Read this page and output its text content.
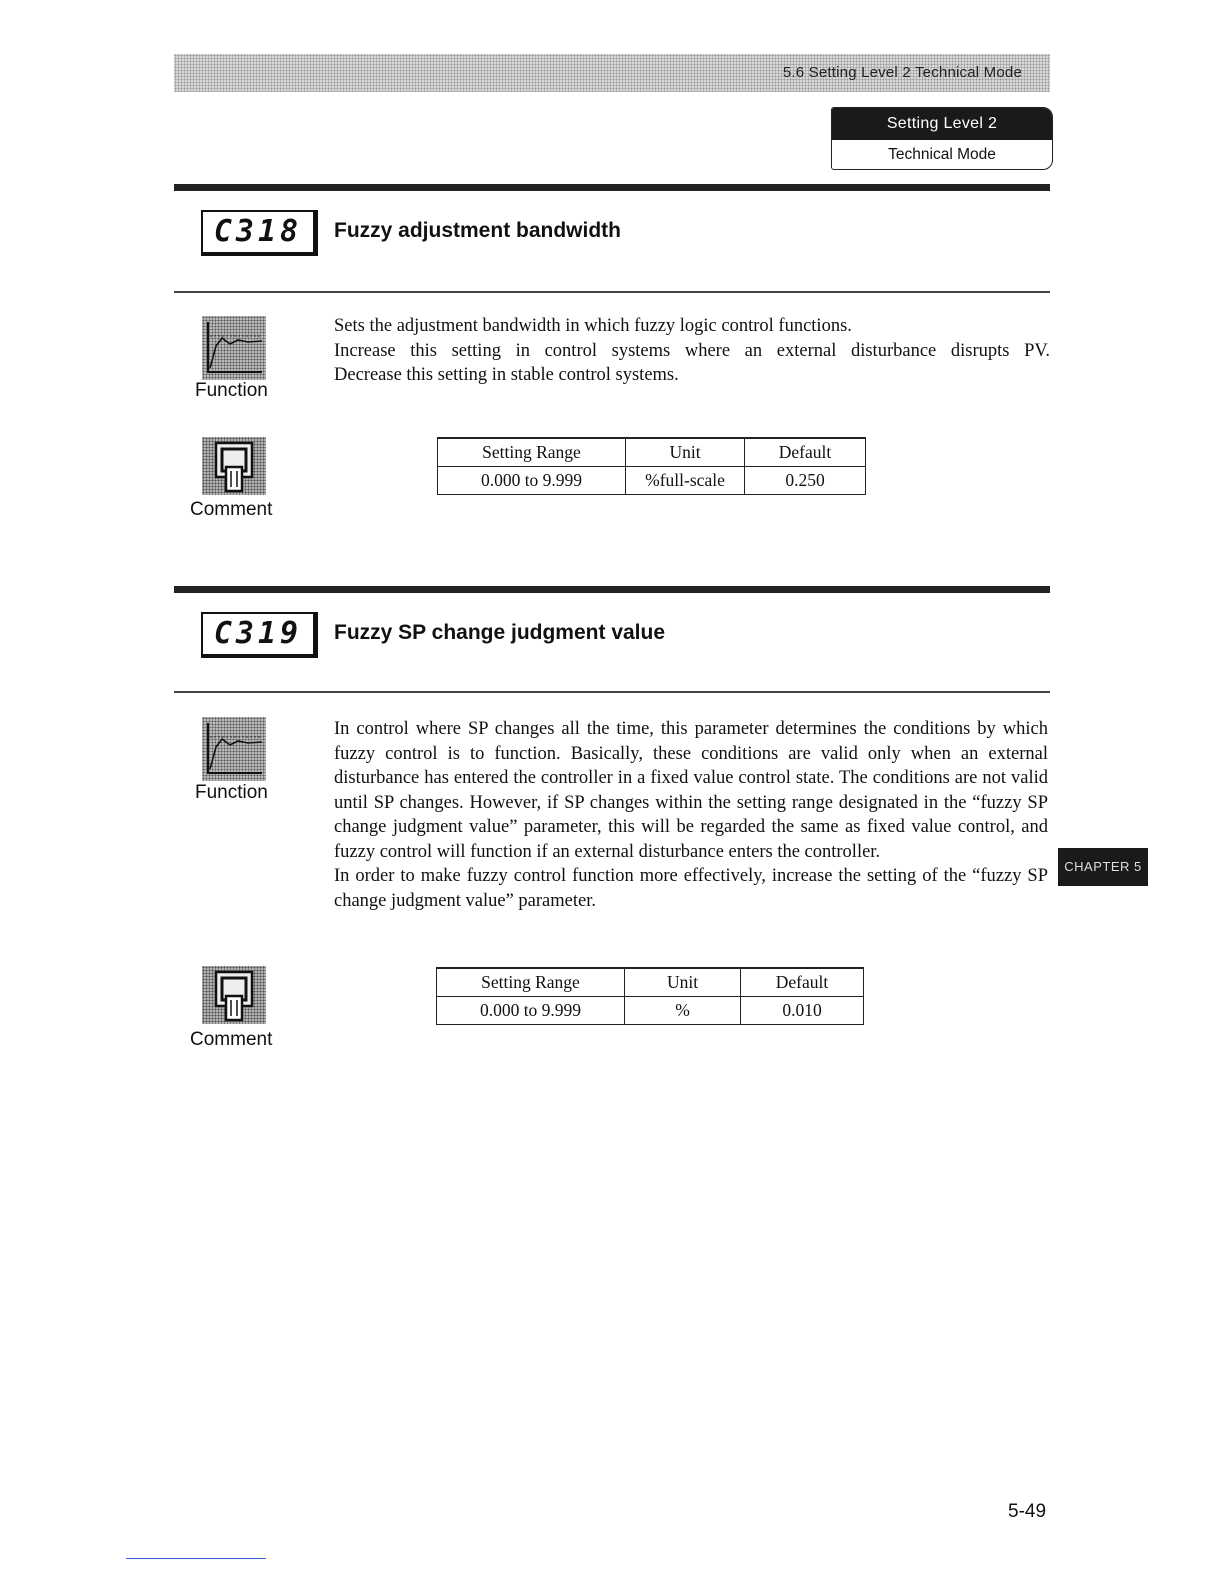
5.6 Setting Level 2 Technical Mode
Setting Level 2
Technical Mode
C318	Fuzzy adjustment bandwidth
Function

Sets the adjustment bandwidth in which fuzzy logic control functions.

Increase this setting in control systems where an external disturbance disrupts PV.

Decrease this setting in stable control systems.

Comment
Setting Range	Unit	Default
0.000 to 9.999	%full-scale	0.250
C319	Fuzzy SP change judgment value
Function

In control where SP changes all the time, this parameter determines the conditions by which fuzzy control is to function. Basically, these conditions are valid only when an external disturbance has entered the controller in a fixed value control state. The conditions are not valid until SP changes. However, if SP changes within the setting range designated in the “fuzzy SP change judgment value” parameter, this will be regarded the same as fixed value control, and fuzzy control will function if an external disturbance enters the controller.

In order to make fuzzy control function more effectively, increase the setting of the “fuzzy SP change judgment value” parameter.

Comment
Setting Range	Unit	Default
0.000 to 9.999	%	0.010
CHAPTER 5
5-49
